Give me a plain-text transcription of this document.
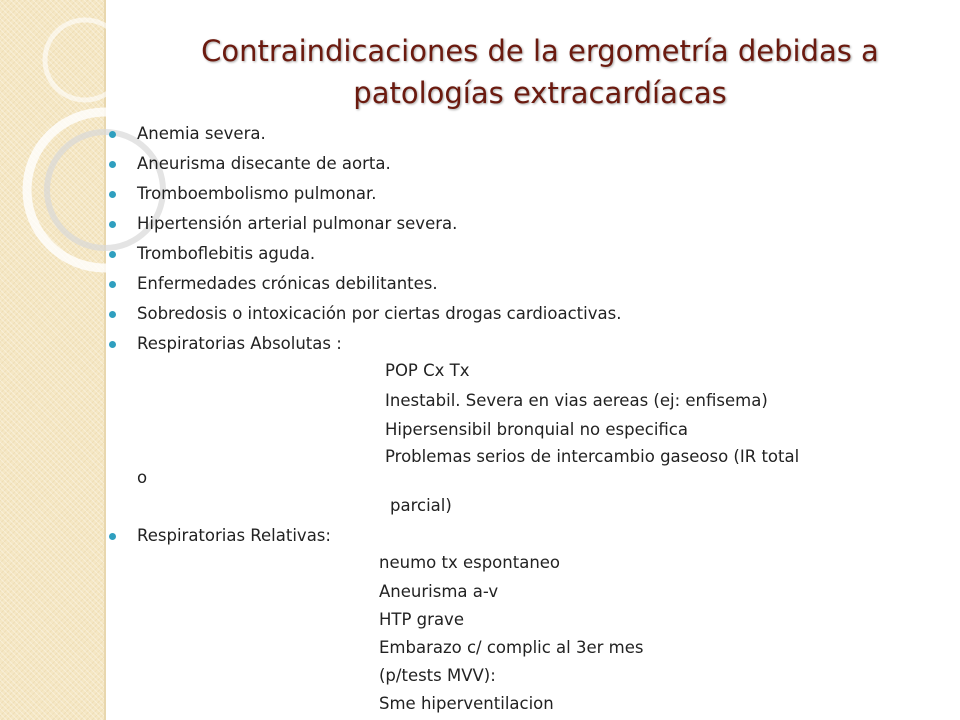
Contraindicaciones de la ergometría debidas a
patologías extracardíacas
Anemia severa.
Aneurisma disecante de aorta.
Tromboembolismo pulmonar.
Hipertensión arterial pulmonar severa.
Tromboflebitis aguda.
Enfermedades crónicas debilitantes.
Sobredosis o intoxicación por ciertas drogas cardioactivas.
Respiratorias Absolutas :
POP Cx Tx
Inestabil. Severa en vias aereas (ej: enfisema)
Hipersensibil bronquial no especifica
Problemas serios de intercambio gaseoso (IR total
o
parcial)
Respiratorias Relativas:
neumo tx espontaneo
Aneurisma a-v
HTP grave
Embarazo c/ complic al 3er mes
(p/tests MVV):
Sme hiperventilacion
